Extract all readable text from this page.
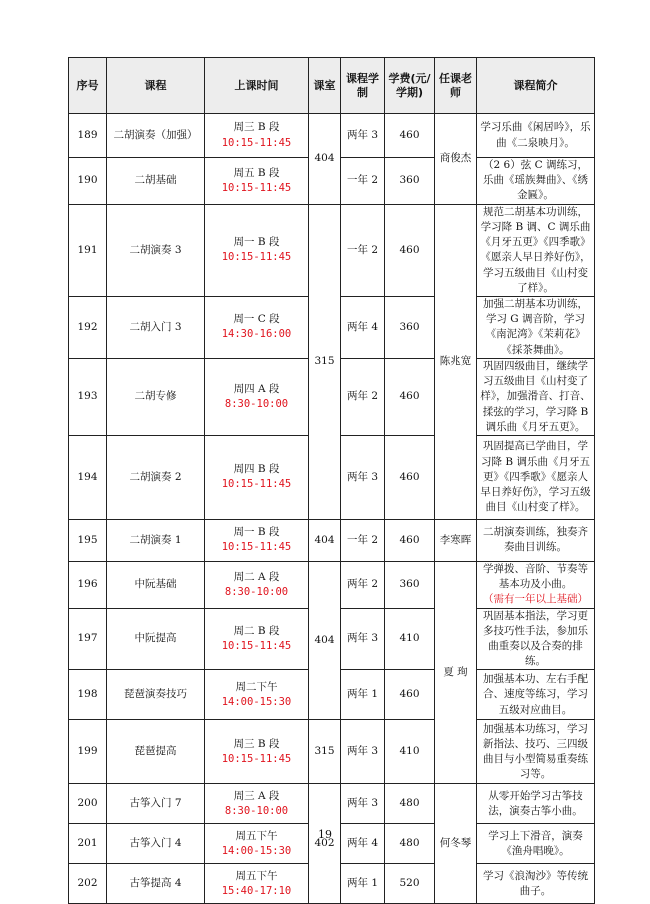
序号	课程	上课时间	课室	课程学制	学费(元/学期)	任课老师	课程简介
189	二胡演奏（加强）	周三 B 段
10:15-11:45	404	两年 3	460	商俊杰	学习乐曲《闲居吟》，乐曲《二泉映月》。
190	二胡基础	周五 B 段
10:15-11:45		一年 2	360		（2 6）弦 C 调练习，乐曲《瑶族舞曲》、《绣金匾》。
191	二胡演奏 3	周一 B 段
10:15-11:45	315	一年 2	460	陈兆宽	规范二胡基本功训练，学习降 B 调、C 调乐曲《月牙五更》《四季歌》《愿亲人早日养好伤》，学习五级曲目《山村变了样》。
192	二胡入门 3	周一 C 段
14:30-16:00		两年 4	360		加强二胡基本功训练，学习 G 调音阶，学习《南泥湾》《茉莉花》《採茶舞曲》。
193	二胡专修	周四 A 段
8:30-10:00		两年 2	460		巩固四级曲目，继续学习五级曲目《山村变了样》，加强滑音、打音、揉弦的学习，学习降 B 调乐曲《月牙五更》。
194	二胡演奏 2	周四 B 段
10:15-11:45		两年 3	460		巩固提高已学曲目，学习降 B 调乐曲《月牙五更》《四季歌》《愿亲人早日养好伤》，学习五级曲目《山村变了样》。
195	二胡演奏 1	周一 B 段
10:15-11:45	404	一年 2	460	李寒晖	二胡演奏训练，独奏齐奏曲目训练。
196	中阮基础	周二 A 段
8:30-10:00	404	两年 2	360	夏 珣	学弹拨、音阶、节奏等基本功及小曲。
（需有一年以上基础）

197	中阮提高	周二 B 段
10:15-11:45		两年 3	410		巩固基本指法，学习更多技巧性手法，参加乐曲重奏以及合奏的排练。
198	琵琶演奏技巧	周二下午
14:00-15:30		两年 1	460		加强基本功、左右手配合、速度等练习，学习五级对应曲目。
199	琵琶提高	周三 B 段
10:15-11:45	315	两年 3	410		加强基本功练习，学习新指法、技巧、三四级曲目与小型简易重奏练习等。
200	古筝入门 7	周三 A 段
8:30-10:00	402	两年 3	480	何冬琴	从零开始学习古筝技法，演奏古筝小曲。
201	古筝入门 4	周五下午
14:00-15:30		两年 4	480		学习上下滑音，演奏《渔舟唱晚》。
202	古筝提高 4	周五下午
15:40-17:10		两年 1	520		学习《浪淘沙》等传统曲子。
19
